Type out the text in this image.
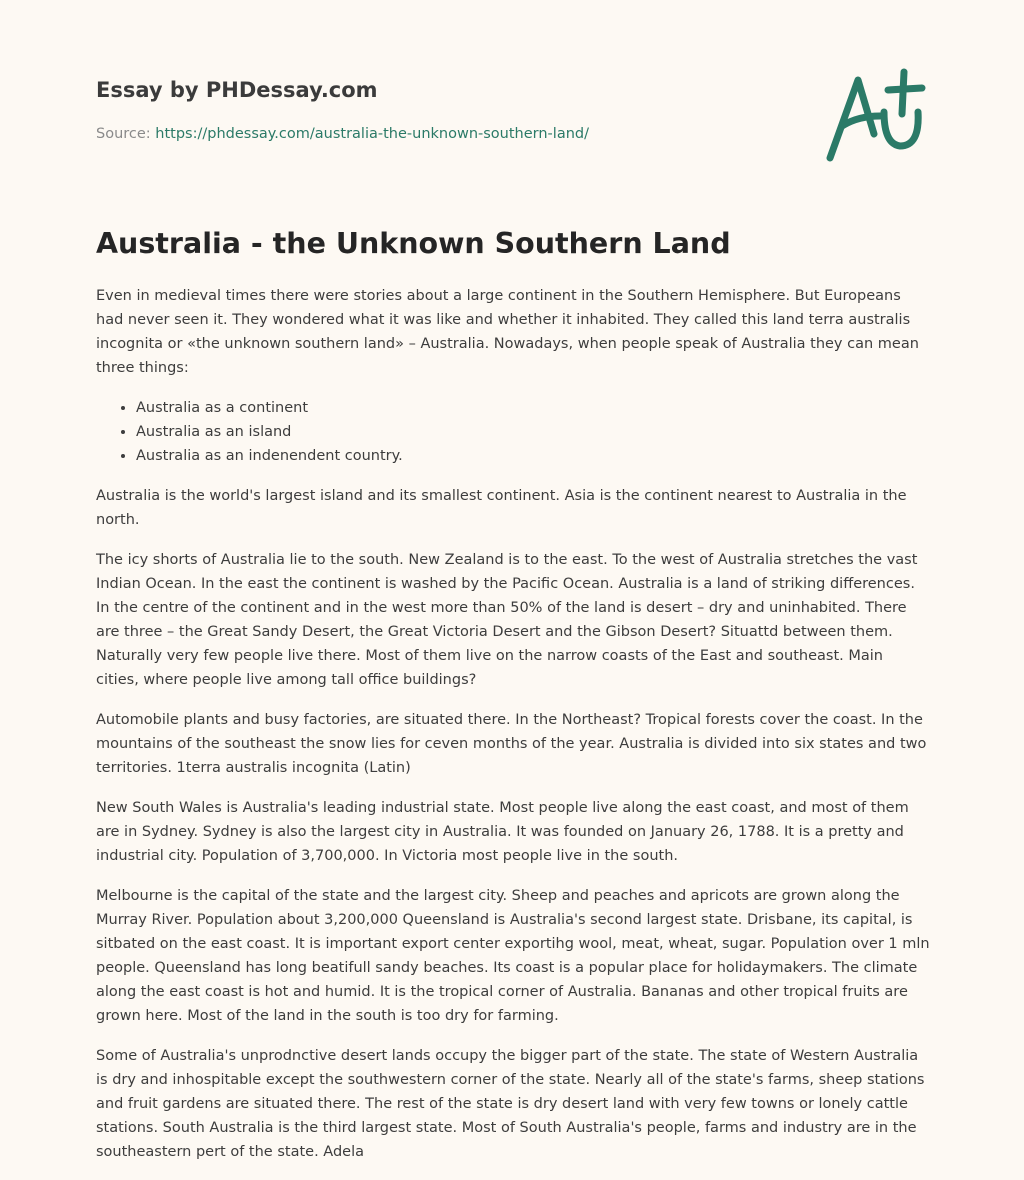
Essay by PHDessay.com
Source: https://phdessay.com/australia-the-unknown-southern-land/
Australia - the Unknown Southern Land

Even in medieval times there were stories about a large continent in the Southern Hemisphere. But Europeans had never seen it. They wondered what it was like and whether it inhabited. They called this land terra australis incognita or «the unknown southern land» – Australia. Nowadays, when people speak of Australia they can mean three things:

• Australia as a continent
• Australia as an island
• Australia as an indenendent country.

Australia is the world's largest island and its smallest continent. Asia is the continent nearest to Australia in the north.

The icy shorts of Australia lie to the south. New Zealand is to the east. To the west of Australia stretches the vast Indian Ocean. In the east the continent is washed by the Pacific Ocean. Australia is a land of striking differences. In the centre of the continent and in the west more than 50% of the land is desert – dry and uninhabited. There are three – the Great Sandy Desert, the Great Victoria Desert and the Gibson Desert? Situattd between them. Naturally very few people live there. Most of them live on the narrow coasts of the East and southeast. Main cities, where people live among tall office buildings?

Automobile plants and busy factories, are situated there. In the Northeast? Tropical forests cover the coast. In the mountains of the southeast the snow lies for ceven months of the year. Australia is divided into six states and two territories. 1terra australis incognita (Latin)

New South Wales is Australia's leading industrial state. Most people live along the east coast, and most of them are in Sydney. Sydney is also the largest city in Australia. It was founded on January 26, 1788. It is a pretty and industrial city. Population of 3,700,000. In Victoria most people live in the south.

Melbourne is the capital of the state and the largest city. Sheep and peaches and apricots are grown along the Murray River. Population about 3,200,000 Queensland is Australia's second largest state. Drisbane, its capital, is sitbated on the east coast. It is important export center exportihg wool, meat, wheat, sugar. Population over 1 mln people. Queensland has long beatifull sandy beaches. Its coast is a popular place for holidaymakers. The climate along the east coast is hot and humid. It is the tropical corner of Australia. Bananas and other tropical fruits are grown here. Most of the land in the south is too dry for farming.

Some of Australia's unprodnctive desert lands occupy the bigger part of the state. The state of Western Australia is dry and inhospitable except the southwestern corner of the state. Nearly all of the state's farms, sheep stations and fruit gardens are situated there. The rest of the state is dry desert land with very few towns or lonely cattle stations. South Australia is the third largest state. Most of South Australia's people, farms and industry are in the southeastern pert of the state. Adela
